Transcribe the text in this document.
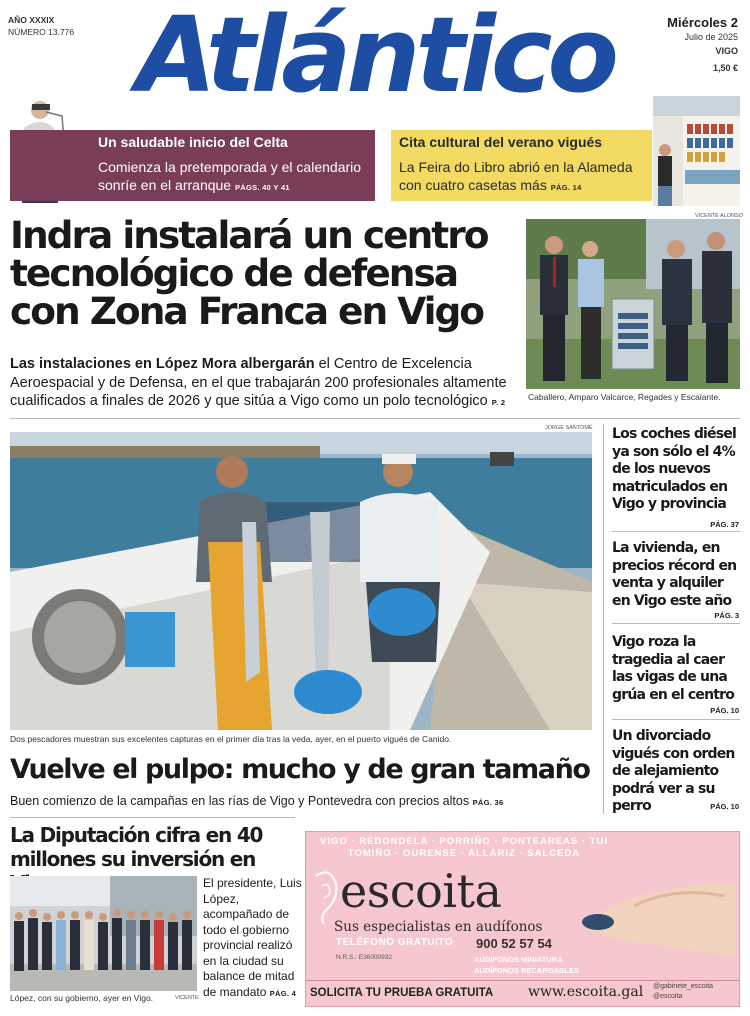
AÑO XXXIX
NÚMERO 13.776 Atlántico	Miércoles 2
Julio de 2025
VIGO
1,50 €
Un saludable inicio del Celta
Comienza la pretemporada y el calendario sonríe en el arranque PÁGS. 40 Y 41
Cita cultural del verano vigués
La Feira do Libro abrió en la Alameda con cuatro casetas más PÁG. 14
Indra instalará un centro
tecnológico de defensa
con Zona Franca en Vigo
Las instalaciones en López Mora albergarán el Centro de Excelencia Aeroespacial y de Defensa, en el que trabajarán 200 profesionales altamente cualificados a finales de 2026 y que sitúa a Vigo como un polo tecnológico P. 2
VICENTE ALONSO
Caballero, Amparo Valcarce, Regades y Escalante.
JORGE SANTOMÉ
Dos pescadores muestran sus excelentes capturas en el primer día tras la veda, ayer, en el puerto vigués de Canido.
Vuelve el pulpo: mucho y de gran tamaño
Buen comienzo de la campañas en las rías de Vigo y Pontevedra con precios altos PÁG. 36
Los coches diésel ya son sólo el 4% de los nuevos matriculados en Vigo y provincia
PÁG. 37
La vivienda, en precios récord en venta y alquiler en Vigo este año
PÁG. 3
Vigo roza la tragedia al caer las vigas de una grúa en el centro
PÁG. 10
Un divorciado vigués con orden de alejamiento podrá ver a su perro	PÁG. 10
La Diputación cifra en 40 millones su inversión en
VICENTE
López, con su gobierno, ayer en Vigo.
El presidente, Luis López, acompañado de todo el gobierno provincial realizó en la ciudad su balance de mitad de mandato PÁG. 4
VIGO · REDONDELA · PORRIÑO · PONTEAREAS · TUI
TOMIÑO · OURENSE · ALLARIZ · SALCEDA
escoita
Sus especialistas en audífonos
TELÉFONO GRATUITO 900 52 57 54
N.R.S.: E36000932	AUDÍFONOS MINIATURA
AUDÍFONOS RECARGABLES
SOLICITA TU PRUEBA GRATUITA www.escoita.gal @gabinete_escoita
@escoita
